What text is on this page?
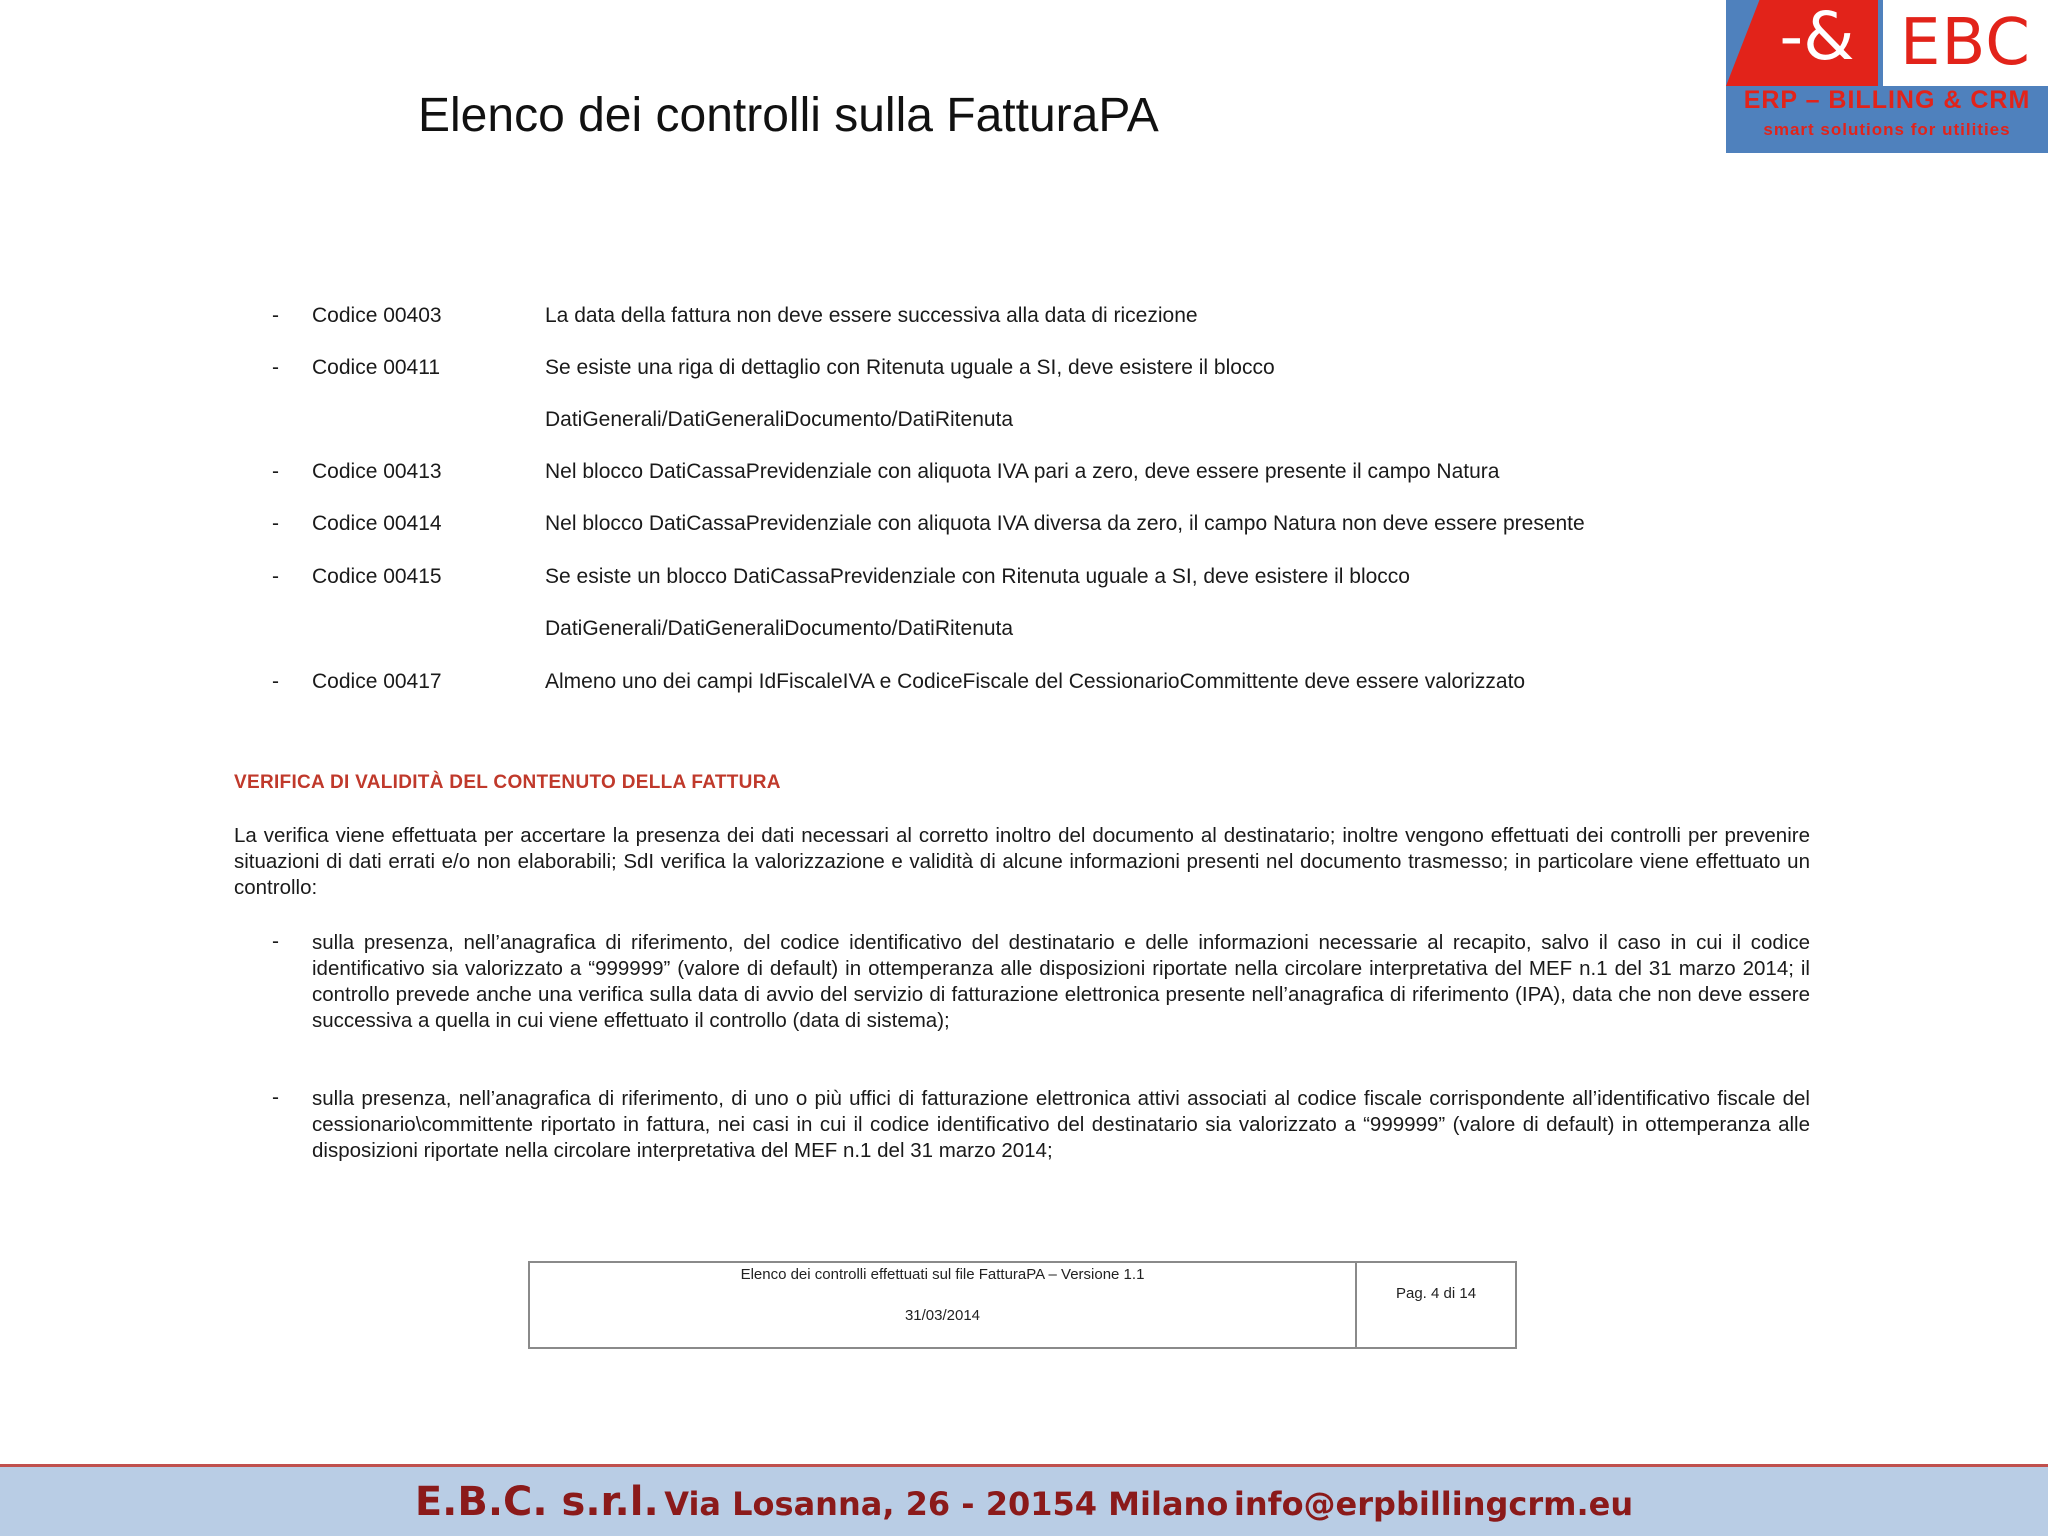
Elenco dei controlli sulla FatturaPA
-& EBC
ERP – BILLING & CRM
smart solutions for utilities
- Codice 00403	La data della fattura non deve essere successiva alla data di ricezione
- Codice 00411	Se esiste una riga di dettaglio con Ritenuta uguale a SI, deve esistere il blocco
DatiGenerali/DatiGeneraliDocumento/DatiRitenuta
- Codice 00413	Nel blocco DatiCassaPrevidenziale con aliquota IVA pari a zero, deve essere presente il campo Natura
- Codice 00414	Nel blocco DatiCassaPrevidenziale con aliquota IVA diversa da zero, il campo Natura non deve essere presente
- Codice 00415	Se esiste un blocco DatiCassaPrevidenziale con Ritenuta uguale a SI, deve esistere il blocco
DatiGenerali/DatiGeneraliDocumento/DatiRitenuta
- Codice 00417	Almeno uno dei campi IdFiscaleIVA e CodiceFiscale del CessionarioCommittente deve essere valorizzato
VERIFICA DI VALIDITÀ DEL CONTENUTO DELLA FATTURA
La verifica viene effettuata per accertare la presenza dei dati necessari al corretto inoltro del documento al destinatario; inoltre vengono effettuati dei controlli per prevenire situazioni di dati errati e/o non elaborabili; SdI verifica la valorizzazione e validità di alcune informazioni presenti nel documento trasmesso; in particolare viene effettuato un controllo:
- sulla presenza, nell’anagrafica di riferimento, del codice identificativo del destinatario e delle informazioni necessarie al recapito, salvo il caso in cui il codice identificativo sia valorizzato a “999999” (valore di default) in ottemperanza alle disposizioni riportate nella circolare interpretativa del MEF n.1 del 31 marzo 2014; il controllo prevede anche una verifica sulla data di avvio del servizio di fatturazione elettronica presente nell’anagrafica di riferimento (IPA), data che non deve essere successiva a quella in cui viene effettuato il controllo (data di sistema);
- sulla presenza, nell’anagrafica di riferimento, di uno o più uffici di fatturazione elettronica attivi associati al codice fiscale corrispondente all’identificativo fiscale del cessionario\committente riportato in fattura, nei casi in cui il codice identificativo del destinatario sia valorizzato a “999999” (valore di default) in ottemperanza alle disposizioni riportate nella circolare interpretativa del MEF n.1 del 31 marzo 2014;
Elenco dei controlli effettuati sul file FatturaPA – Versione 1.1
31/03/2014
Pag. 4 di 14
E.B.C. s.r.l. Via Losanna, 26 - 20154 Milano info@erpbillingcrm.eu
